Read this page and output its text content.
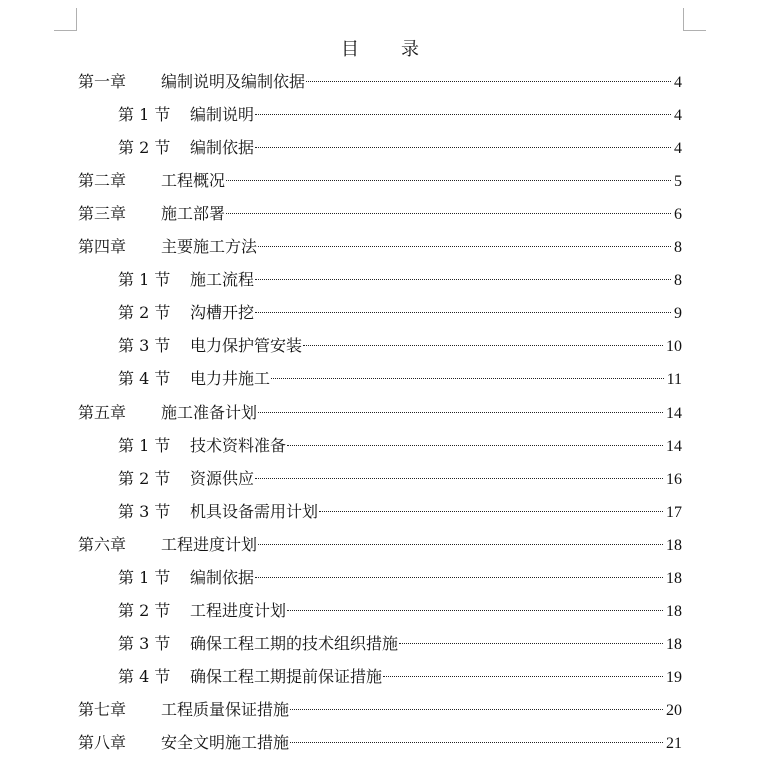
目　录
第一章	编制说明及编制依据	4
第 1 节	编制说明	4
第 2 节	编制依据	4
第二章	工程概况	5
第三章	施工部署	6
第四章	主要施工方法	8
第 1 节	施工流程	8
第 2 节	沟槽开挖	9
第 3 节	电力保护管安装	10
第 4 节	电力井施工	11
第五章	施工准备计划	14
第 1 节	技术资料准备	14
第 2 节	资源供应	16
第 3 节	机具设备需用计划	17
第六章	工程进度计划	18
第 1 节	编制依据	18
第 2 节	工程进度计划	18
第 3 节	确保工程工期的技术组织措施	18
第 4 节	确保工程工期提前保证措施	19
第七章	工程质量保证措施	20
第八章	安全文明施工措施	21
